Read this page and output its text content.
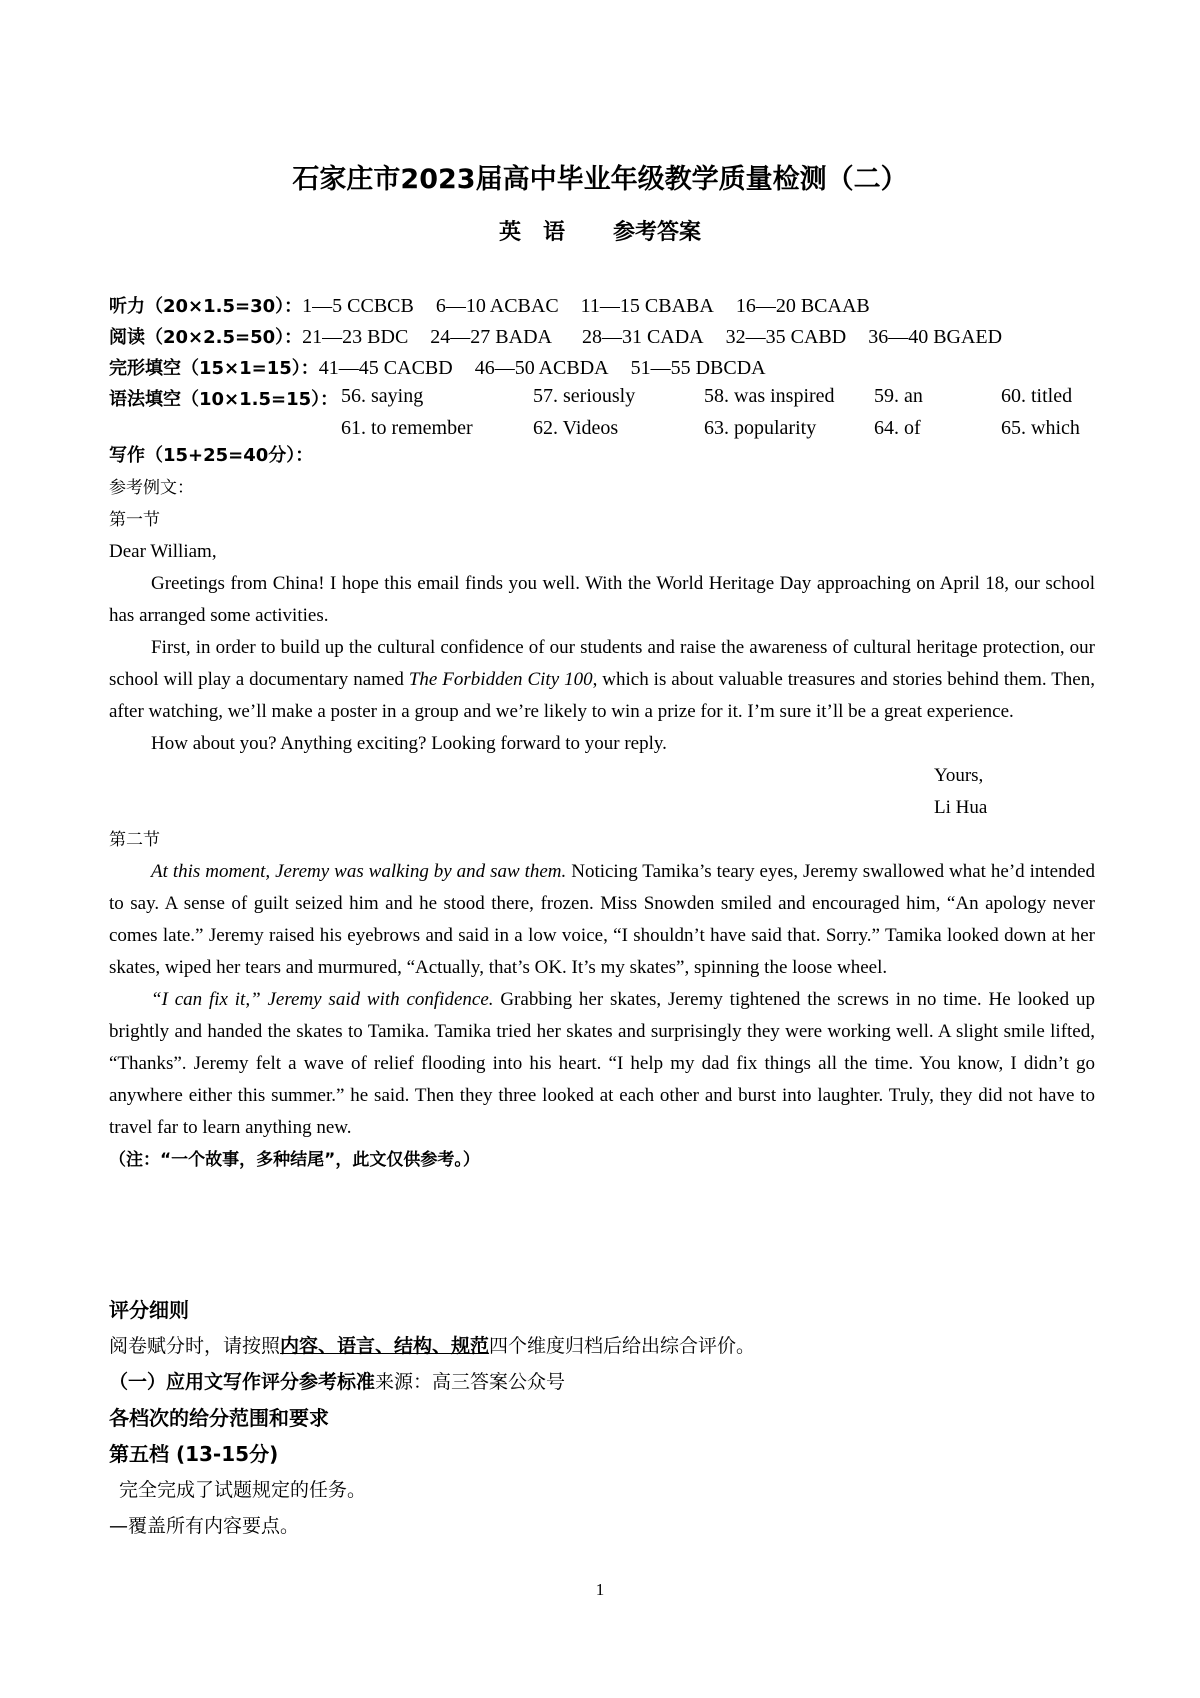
石家庄市2023届高中毕业年级教学质量检测（二）
英　语 参考答案
听力（20×1.5=30）：1—5 CCBCB 6—10 ACBAC 11—15 CBABA 16—20 BCAAB
阅读（20×2.5=50）：21—23 BDC 24—27 BADA 28—31 CADA 32—35 CABD 36—40 BGAED
完形填空（15×1=15）：41—45 CACBD 46—50 ACBDA 51—55 DBCDA
语法填空（10×1.5=15）： 56. saying	57. seriously	58. was inspired 59. an	60. titled
61. to remember	62. Videos	63. popularity	64. of	65. which

写作（15+25=40分）：

参考例文：

第一节

Dear William,

Greetings from China! I hope this email finds you well. With the World Heritage Day approaching on April 18, our school has arranged some activities.

First, in order to build up the cultural confidence of our students and raise the awareness of cultural heritage protection, our school will play a documentary named The Forbidden City 100, which is about valuable treasures and stories behind them. Then, after watching, we’ll make a poster in a group and we’re likely to win a prize for it. I’m sure it’ll be a great experience.

How about you? Anything exciting? Looking forward to your reply.

Yours,

Li Hua

第二节

At this moment, Jeremy was walking by and saw them. Noticing Tamika’s teary eyes, Jeremy swallowed what he’d intended to say. A sense of guilt seized him and he stood there, frozen. Miss Snowden smiled and encouraged him, “An apology never comes late.” Jeremy raised his eyebrows and said in a low voice, “I shouldn’t have said that. Sorry.” Tamika looked down at her skates, wiped her tears and murmured, “Actually, that’s OK. It’s my skates”, spinning the loose wheel.

“I can fix it,” Jeremy said with confidence. Grabbing her skates, Jeremy tightened the screws in no time. He looked up brightly and handed the skates to Tamika. Tamika tried her skates and surprisingly they were working well. A slight smile lifted, “Thanks”. Jeremy felt a wave of relief flooding into his heart. “I help my dad fix things all the time. You know, I didn’t go anywhere either this summer.” he said. Then they three looked at each other and burst into laughter. Truly, they did not have to travel far to learn anything new.

（注：“一个故事，多种结尾”，此文仅供参考。）

评分细则

阅卷赋分时，请按照内容、语言、结构、规范四个维度归档后给出综合评价。

（一）应用文写作评分参考标准来源：高三答案公众号

各档次的给分范围和要求

第五档 (13-15分)

完全完成了试题规定的任务。

—覆盖所有内容要点。

1
